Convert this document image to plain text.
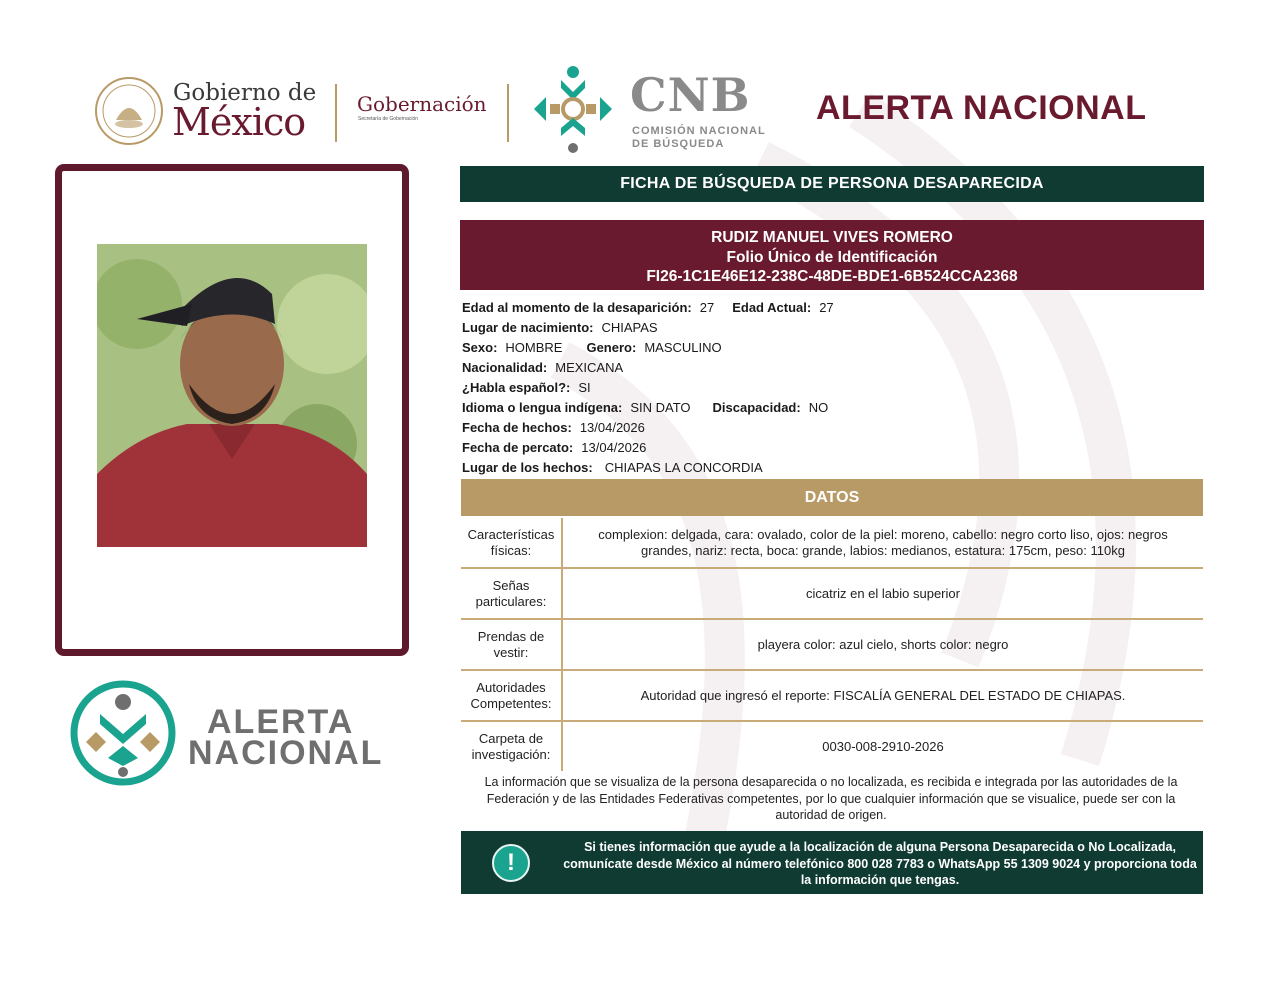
Gobierno de
México	Gobernación
Secretaría de Gobernación	CNB
COMISIÓN NACIONAL
DE BÚSQUEDA
ALERTA NACIONAL
ALERTA
NACIONAL
FICHA DE BÚSQUEDA DE PERSONA DESAPARECIDA
RUDIZ MANUEL VIVES ROMERO
Folio Único de Identificación
FI26-1C1E46E12-238C-48DE-BDE1-6B524CCA2368
Edad al momento de la desaparición: 27 Edad Actual: 27
Lugar de nacimiento: CHIAPAS
Sexo: HOMBRE Genero: MASCULINO
Nacionalidad: MEXICANA
¿Habla español?: SI
Idioma o lengua indígena: SIN DATO Discapacidad: NO
Fecha de hechos: 13/04/2026
Fecha de percato: 13/04/2026
Lugar de los hechos: CHIAPAS LA CONCORDIA
DATOS
Características físicas:
complexion: delgada, cara: ovalado, color de la piel: moreno, cabello: negro corto liso, ojos: negros grandes, nariz: recta, boca: grande, labios: medianos, estatura: 175cm, peso: 110kg
Señas particulares:
cicatriz en el labio superior
Prendas de vestir:
playera color: azul cielo, shorts color: negro
Autoridades Competentes:
Autoridad que ingresó el reporte: FISCALÍA GENERAL DEL ESTADO DE CHIAPAS.
Carpeta de investigación:
0030-008-2910-2026
La información que se visualiza de la persona desaparecida o no localizada, es recibida e integrada por las autoridades de la Federación y de las Entidades Federativas competentes, por lo que cualquier información que se visualice, puede ser con la autoridad de origen.
!
Si tienes información que ayude a la localización de alguna Persona Desaparecida o No Localizada, comunícate desde México al número telefónico 800 028 7783 o WhatsApp 55 1309 9024 y proporciona toda la información que tengas.
